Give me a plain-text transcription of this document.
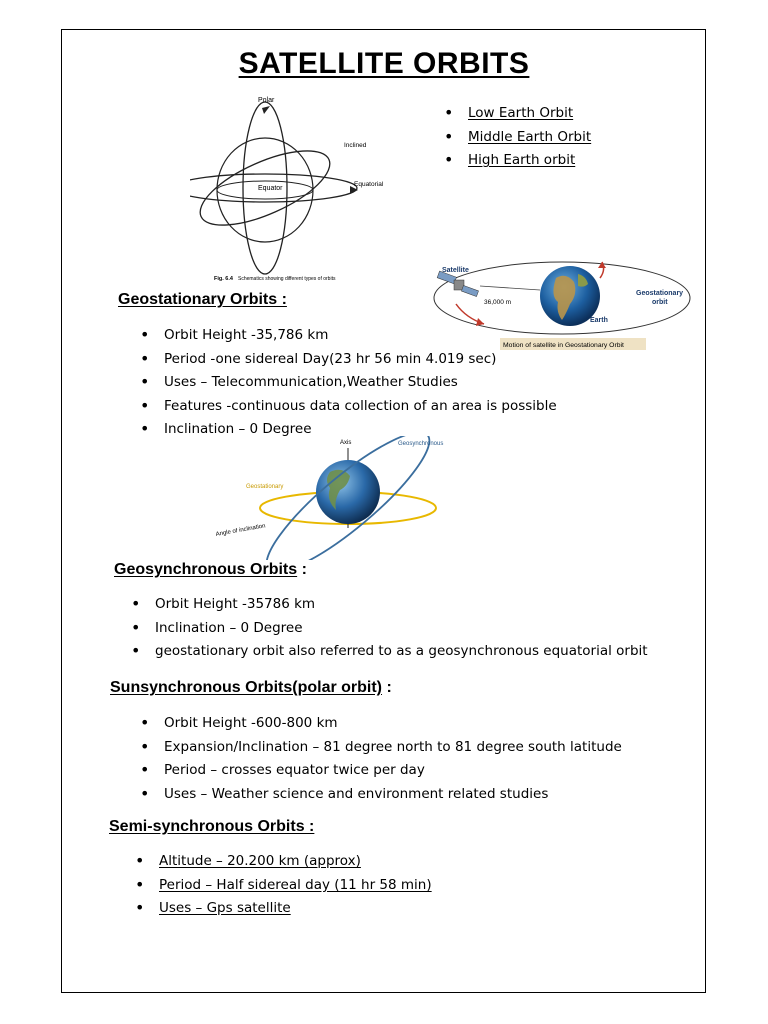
SATELLITE ORBITS
Polar
Inclined
Equator
Equatorial
Fig. 6.4 Schematics showing different types of orbits
• Low Earth Orbit
• Middle Earth Orbit
• High Earth orbit
Satellite
36,000 m
Earth
Geostationary
orbit
Motion of satellite in Geostationary Orbit
Geostationary Orbits :
• Orbit Height -35,786 km
• Period -one sidereal Day(23 hr 56 min 4.019 sec)
• Uses – Telecommunication,Weather Studies
• Features -continuous data collection of an area is possible
• Inclination – 0 Degree
Axis	Geosynchronous
Geostationary
Angle of inclination
Geosynchronous Orbits :
• Orbit Height -35786 km
• Inclination – 0 Degree
• geostationary orbit also referred to as a geosynchronous equatorial orbit
Sunsynchronous Orbits(polar orbit) :
• Orbit Height -600-800 km
• Expansion/Inclination – 81 degree north to 81 degree south latitude
• Period – crosses equator twice per day
• Uses – Weather science and environment related studies
Semi-synchronous Orbits :
• Altitude – 20.200 km (approx)
• Period – Half sidereal day (11 hr 58 min)
• Uses – Gps satellite
